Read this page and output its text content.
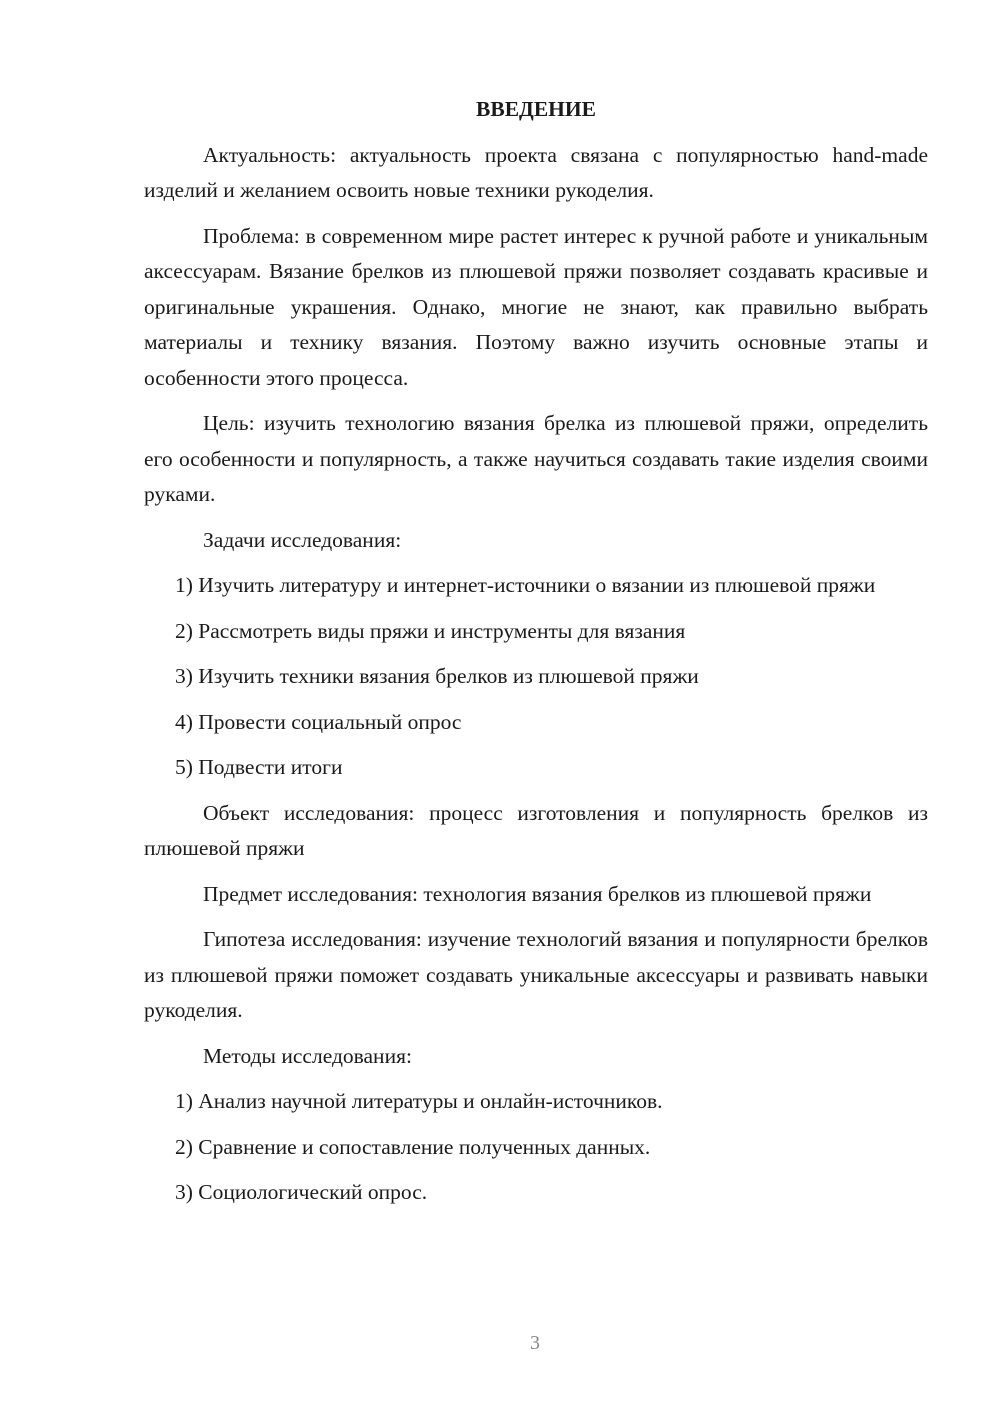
ВВЕДЕНИЕ
Актуальность: актуальность проекта связана с популярностью hand-made изделий и желанием освоить новые техники рукоделия.
Проблема: в современном мире растет интерес к ручной работе и уникальным аксессуарам. Вязание брелков из плюшевой пряжи позволяет создавать красивые и оригинальные украшения. Однако, многие не знают, как правильно выбрать материалы и технику вязания. Поэтому важно изучить основные этапы и особенности этого процесса.
Цель: изучить технологию вязания брелка из плюшевой пряжи, определить его особенности и популярность, а также научиться создавать такие изделия своими руками.
Задачи исследования:
1) Изучить литературу и интернет-источники о вязании из плюшевой пряжи
2) Рассмотреть виды пряжи и инструменты для вязания
3) Изучить техники вязания брелков из плюшевой пряжи
4) Провести социальный опрос
5) Подвести итоги
Объект исследования: процесс изготовления и популярность брелков из плюшевой пряжи
Предмет исследования: технология вязания брелков из плюшевой пряжи
Гипотеза исследования: изучение технологий вязания и популярности брелков из плюшевой пряжи поможет создавать уникальные аксессуары и развивать навыки рукоделия.
Методы исследования:
1) Анализ научной литературы и онлайн-источников.
2) Сравнение и сопоставление полученных данных.
3) Социологический опрос.
3
